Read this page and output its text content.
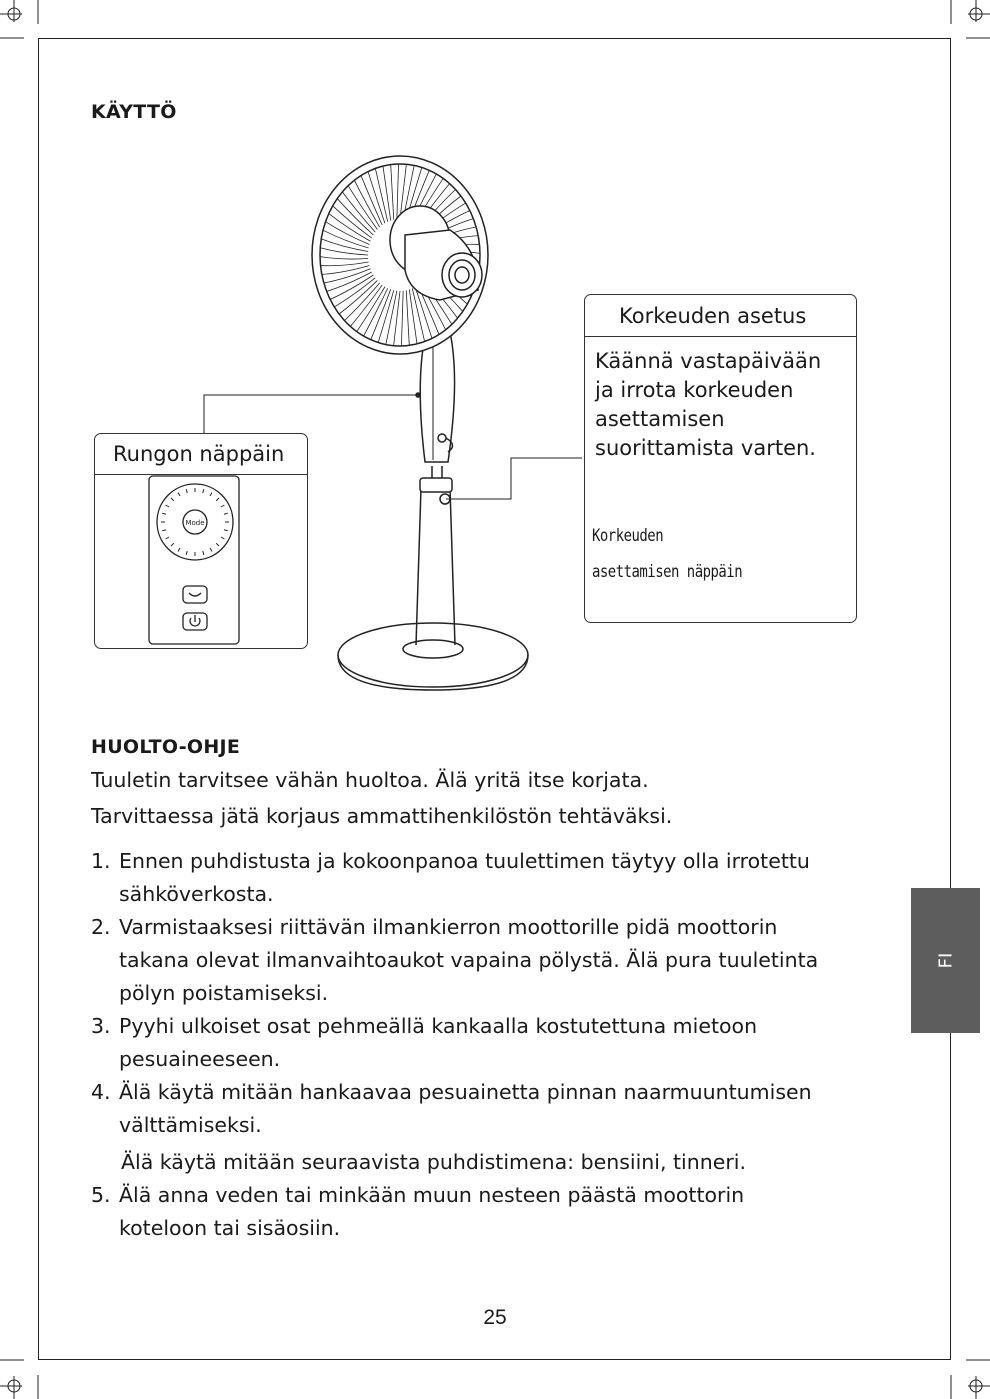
KÄYTTÖ
Rungon näppäin
Mode
Korkeuden asetus
Käännä vastapäivään
ja irrota korkeuden
asettamisen
suorittamista varten.
Korkeuden
asettamisen näppäin
HUOLTO-OHJE

Tuuletin tarvitsee vähän huoltoa. Älä yritä itse korjata.

Tarvittaessa jätä korjaus ammattihenkilöstön tehtäväksi.

1. Ennen puhdistusta ja kokoonpanoa tuulettimen täytyy olla irrotettu
sähköverkosta.
2. Varmistaaksesi riittävän ilmankierron moottorille pidä moottorin
takana olevat ilmanvaihtoaukot vapaina pölystä. Älä pura tuuletinta
pölyn poistamiseksi.
3. Pyyhi ulkoiset osat pehmeällä kankaalla kostutettuna mietoon
pesuaineeseen.
4. Älä käytä mitään hankaavaa pesuainetta pinnan naarmuuntumisen
välttämiseksi.
Älä käytä mitään seuraavista puhdistimena: bensiini, tinneri.
5. Älä anna veden tai minkään muun nesteen päästä moottorin
koteloon tai sisäosiin.
FI
25
